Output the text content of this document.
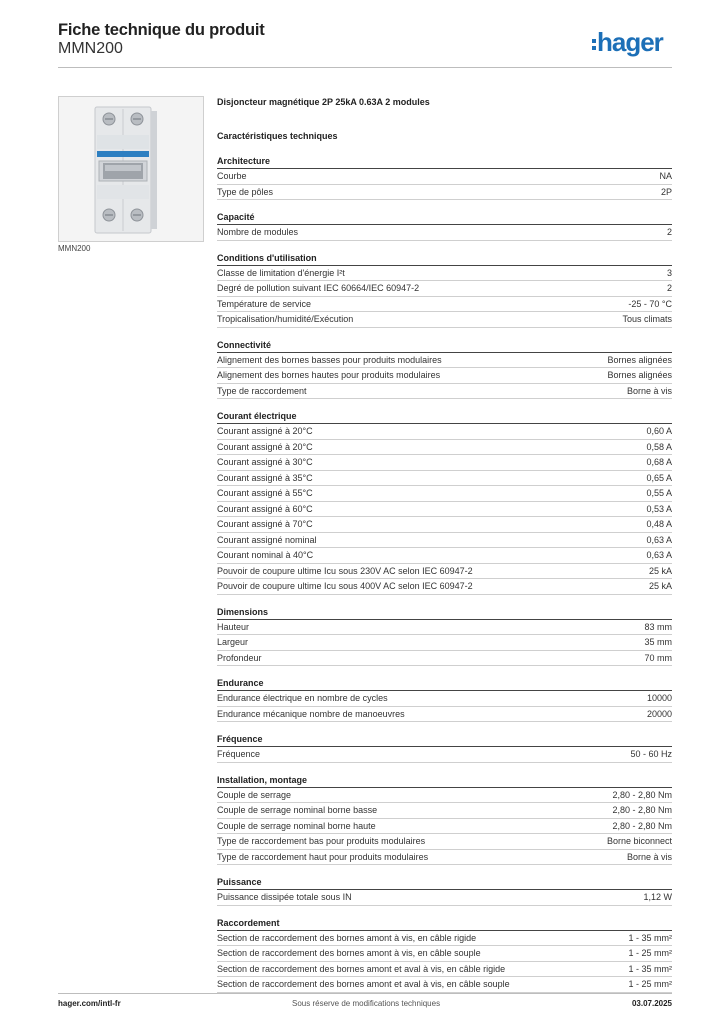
Fiche technique du produit
MMN200	hager
MMN200
Disjoncteur magnétique 2P 25kA 0.63A 2 modules
Caractéristiques techniques
Architecture
Courbe	NA
Type de pôles	2P
Capacité
Nombre de modules	2
Conditions d'utilisation
Classe de limitation d'énergie I²t	3
Degré de pollution suivant IEC 60664/IEC 60947-2	2
Température de service	-25 - 70 °C
Tropicalisation/humidité/Exécution	Tous climats
Connectivité
Alignement des bornes basses pour produits modulaires	Bornes alignées
Alignement des bornes hautes pour produits modulaires	Bornes alignées
Type de raccordement	Borne à vis
Courant électrique
Courant assigné à 20°C	0,60 A
Courant assigné à 20°C	0,58 A
Courant assigné à 30°C	0,68 A
Courant assigné à 35°C	0,65 A
Courant assigné à 55°C	0,55 A
Courant assigné à 60°C	0,53 A
Courant assigné à 70°C	0,48 A
Courant assigné nominal	0,63 A
Courant nominal à 40°C	0,63 A
Pouvoir de coupure ultime Icu sous 230V AC selon IEC 60947-2	25 kA
Pouvoir de coupure ultime Icu sous 400V AC selon IEC 60947-2	25 kA
Dimensions
Hauteur	83 mm
Largeur	35 mm
Profondeur	70 mm
Endurance
Endurance électrique en nombre de cycles	10000
Endurance mécanique nombre de manoeuvres	20000
Fréquence
Fréquence	50 - 60 Hz
Installation, montage
Couple de serrage	2,80 - 2,80 Nm
Couple de serrage nominal borne basse	2,80 - 2,80 Nm
Couple de serrage nominal borne haute	2,80 - 2,80 Nm
Type de raccordement bas pour produits modulaires	Borne biconnect
Type de raccordement haut pour produits modulaires	Borne à vis
Puissance
Puissance dissipée totale sous IN	1,12 W
Raccordement
Section de raccordement des bornes amont à vis, en câble rigide	1 - 35 mm²
Section de raccordement des bornes amont à vis, en câble souple	1 - 25 mm²
Section de raccordement des bornes amont et aval à vis, en câble rigide	1 - 35 mm²
Section de raccordement des bornes amont et aval à vis, en câble souple	1 - 25 mm²
hager.com/intl-fr	Sous réserve de modifications techniques	03.07.2025
